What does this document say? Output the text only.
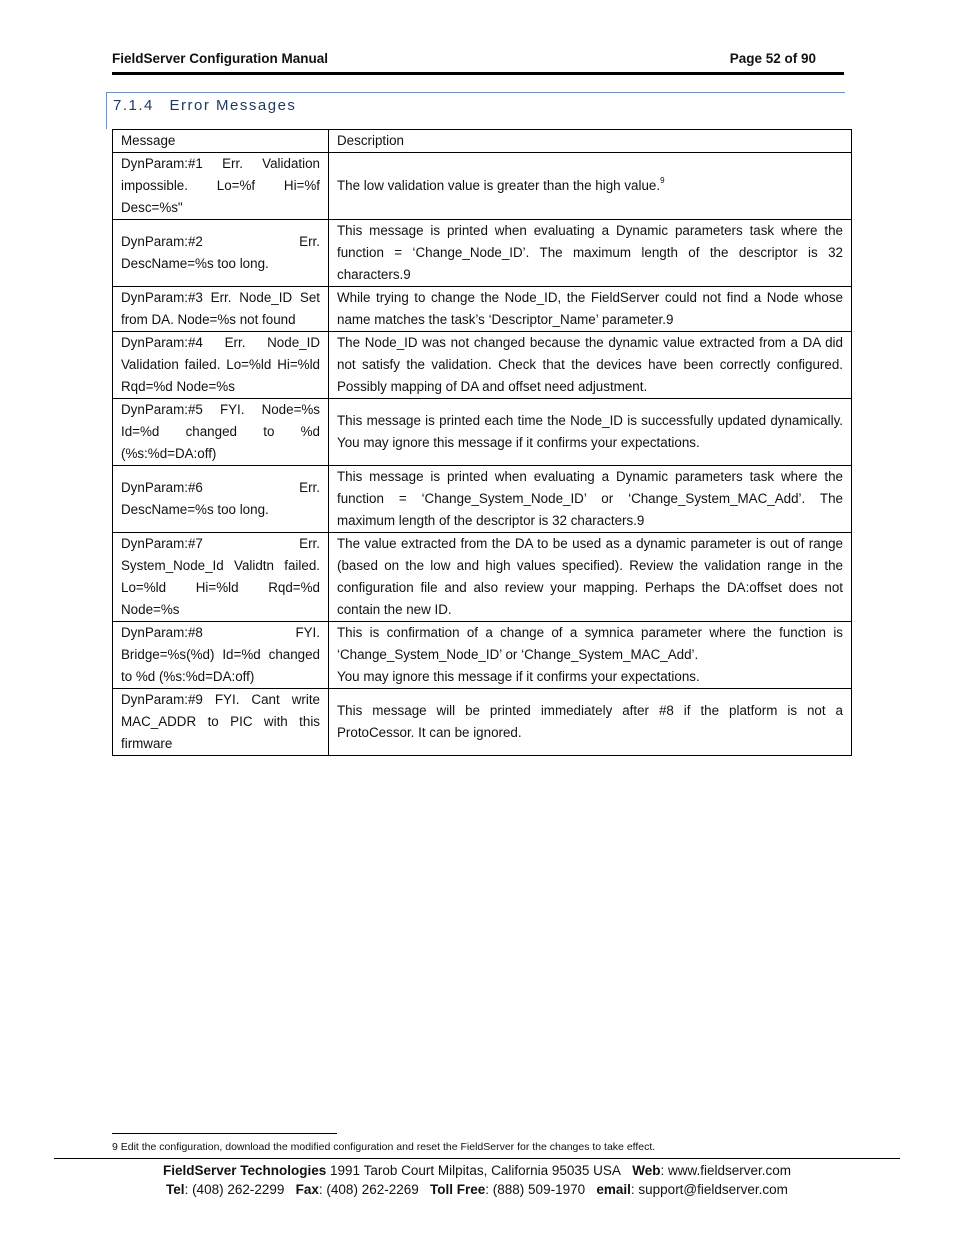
FieldServer Configuration Manual	Page 52 of 90
7.1.4 Error Messages
Message	Description
DynParam:#1 Err. Validation impossible. Lo=%f Hi=%f Desc=%s"	The low validation value is greater than the high value.$^9$
DynParam:#2 Err. DescName=%s too long.	This message is printed when evaluating a Dynamic parameters task where the function = ‘Change_Node_ID’. The maximum length of the descriptor is 32 characters.9
DynParam:#3 Err. Node_ID Set from DA. Node=%s not found	While trying to change the Node_ID, the FieldServer could not find a Node whose name matches the task’s ‘Descriptor_Name’ parameter.9
DynParam:#4 Err. Node_ID Validation failed. Lo=%ld Hi=%ld Rqd=%d Node=%s	The Node_ID was not changed because the dynamic value extracted from a DA did not satisfy the validation. Check that the devices have been correctly configured. Possibly mapping of DA and offset need adjustment.
DynParam:#5 FYI. Node=%s Id=%d changed to %d (%s:%d=DA:off)	This message is printed each time the Node_ID is successfully updated dynamically. You may ignore this message if it confirms your expectations.
DynParam:#6 Err. DescName=%s too long.	This message is printed when evaluating a Dynamic parameters task where the function = ‘Change_System_Node_ID’ or ‘Change_System_MAC_Add’. The maximum length of the descriptor is 32 characters.9
DynParam:#7 Err. System_Node_Id Validtn failed. Lo=%ld Hi=%ld Rqd=%d Node=%s	The value extracted from the DA to be used as a dynamic parameter is out of range (based on the low and high values specified). Review the validation range in the configuration file and also review your mapping. Perhaps the DA:offset does not contain the new ID.
DynParam:#8 FYI. Bridge=%s(%d) Id=%d changed to %d (%s:%d=DA:off)	This is confirmation of a change of a symnica parameter where the function is ‘Change_System_Node_ID’ or ‘Change_System_MAC_Add’.
You may ignore this message if it confirms your expectations.

DynParam:#9 FYI. Cant write MAC_ADDR to PIC with this firmware	This message will be printed immediately after #8 if the platform is not a ProtoCessor. It can be ignored.
9 Edit the configuration, download the modified configuration and reset the FieldServer for the changes to take effect.
FieldServer Technologies 1991 Tarob Court Milpitas, California 95035 USA Web: www.fieldserver.com
Tel: (408) 262-2299 Fax: (408) 262-2269 Toll Free: (888) 509-1970 email: support@fieldserver.com
